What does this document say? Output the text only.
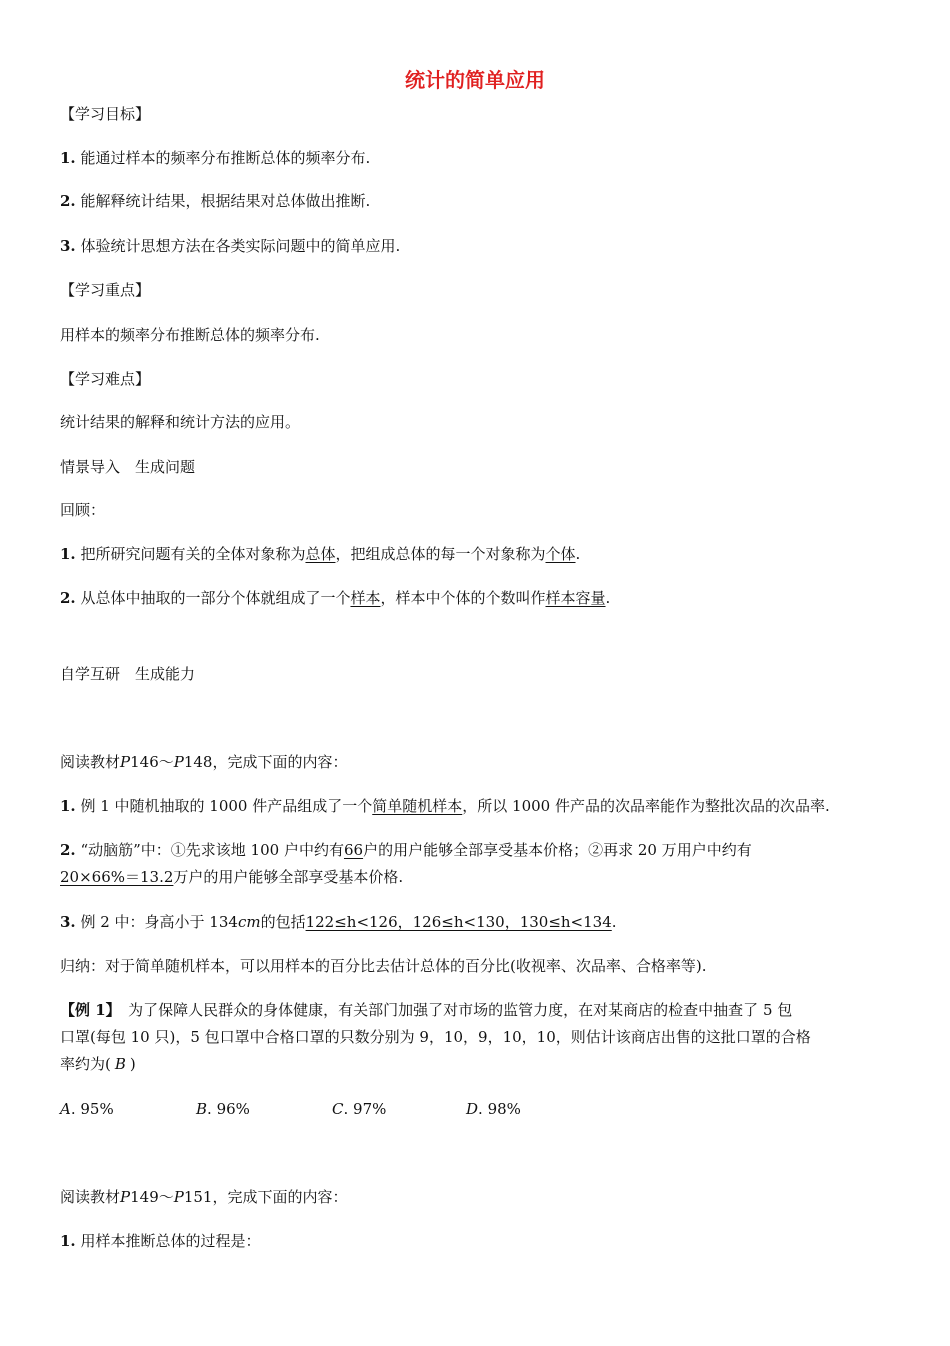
统计的简单应用
【学习目标】
1. 能通过样本的频率分布推断总体的频率分布.
2. 能解释统计结果，根据结果对总体做出推断.
3. 体验统计思想方法在各类实际问题中的简单应用.
【学习重点】
用样本的频率分布推断总体的频率分布.
【学习难点】
统计结果的解释和统计方法的应用。
情景导入　生成问题
回顾：
1. 把所研究问题有关的全体对象称为总体，把组成总体的每一个对象称为个体.
2. 从总体中抽取的一部分个体就组成了一个样本，样本中个体的个数叫作样本容量.
自学互研　生成能力
阅读教材P146～P148，完成下面的内容：
1. 例 1 中随机抽取的 1000 件产品组成了一个简单随机样本，所以 1000 件产品的次品率能作为整批次品的次品率.
2. “动脑筋”中：①先求该地 100 户中约有66户的用户能够全部享受基本价格；②再求 20 万用户中约有
20×66%＝13.2万户的用户能够全部享受基本价格.
3. 例 2 中：身高小于 134cm的包括122≤h<126，126≤h<130，130≤h<134.
归纳：对于简单随机样本，可以用样本的百分比去估计总体的百分比(收视率、次品率、合格率等).
【例 1】　为了保障人民群众的身体健康，有关部门加强了对市场的监管力度，在对某商店的检查中抽查了 5 包
口罩(每包 10 只)，5 包口罩中合格口罩的只数分别为 9，10，9，10，10，则估计该商店出售的这批口罩的合格
率约为( B )
A. 95%	B. 96%	C. 97%	D. 98%
阅读教材P149～P151，完成下面的内容：
1. 用样本推断总体的过程是：
